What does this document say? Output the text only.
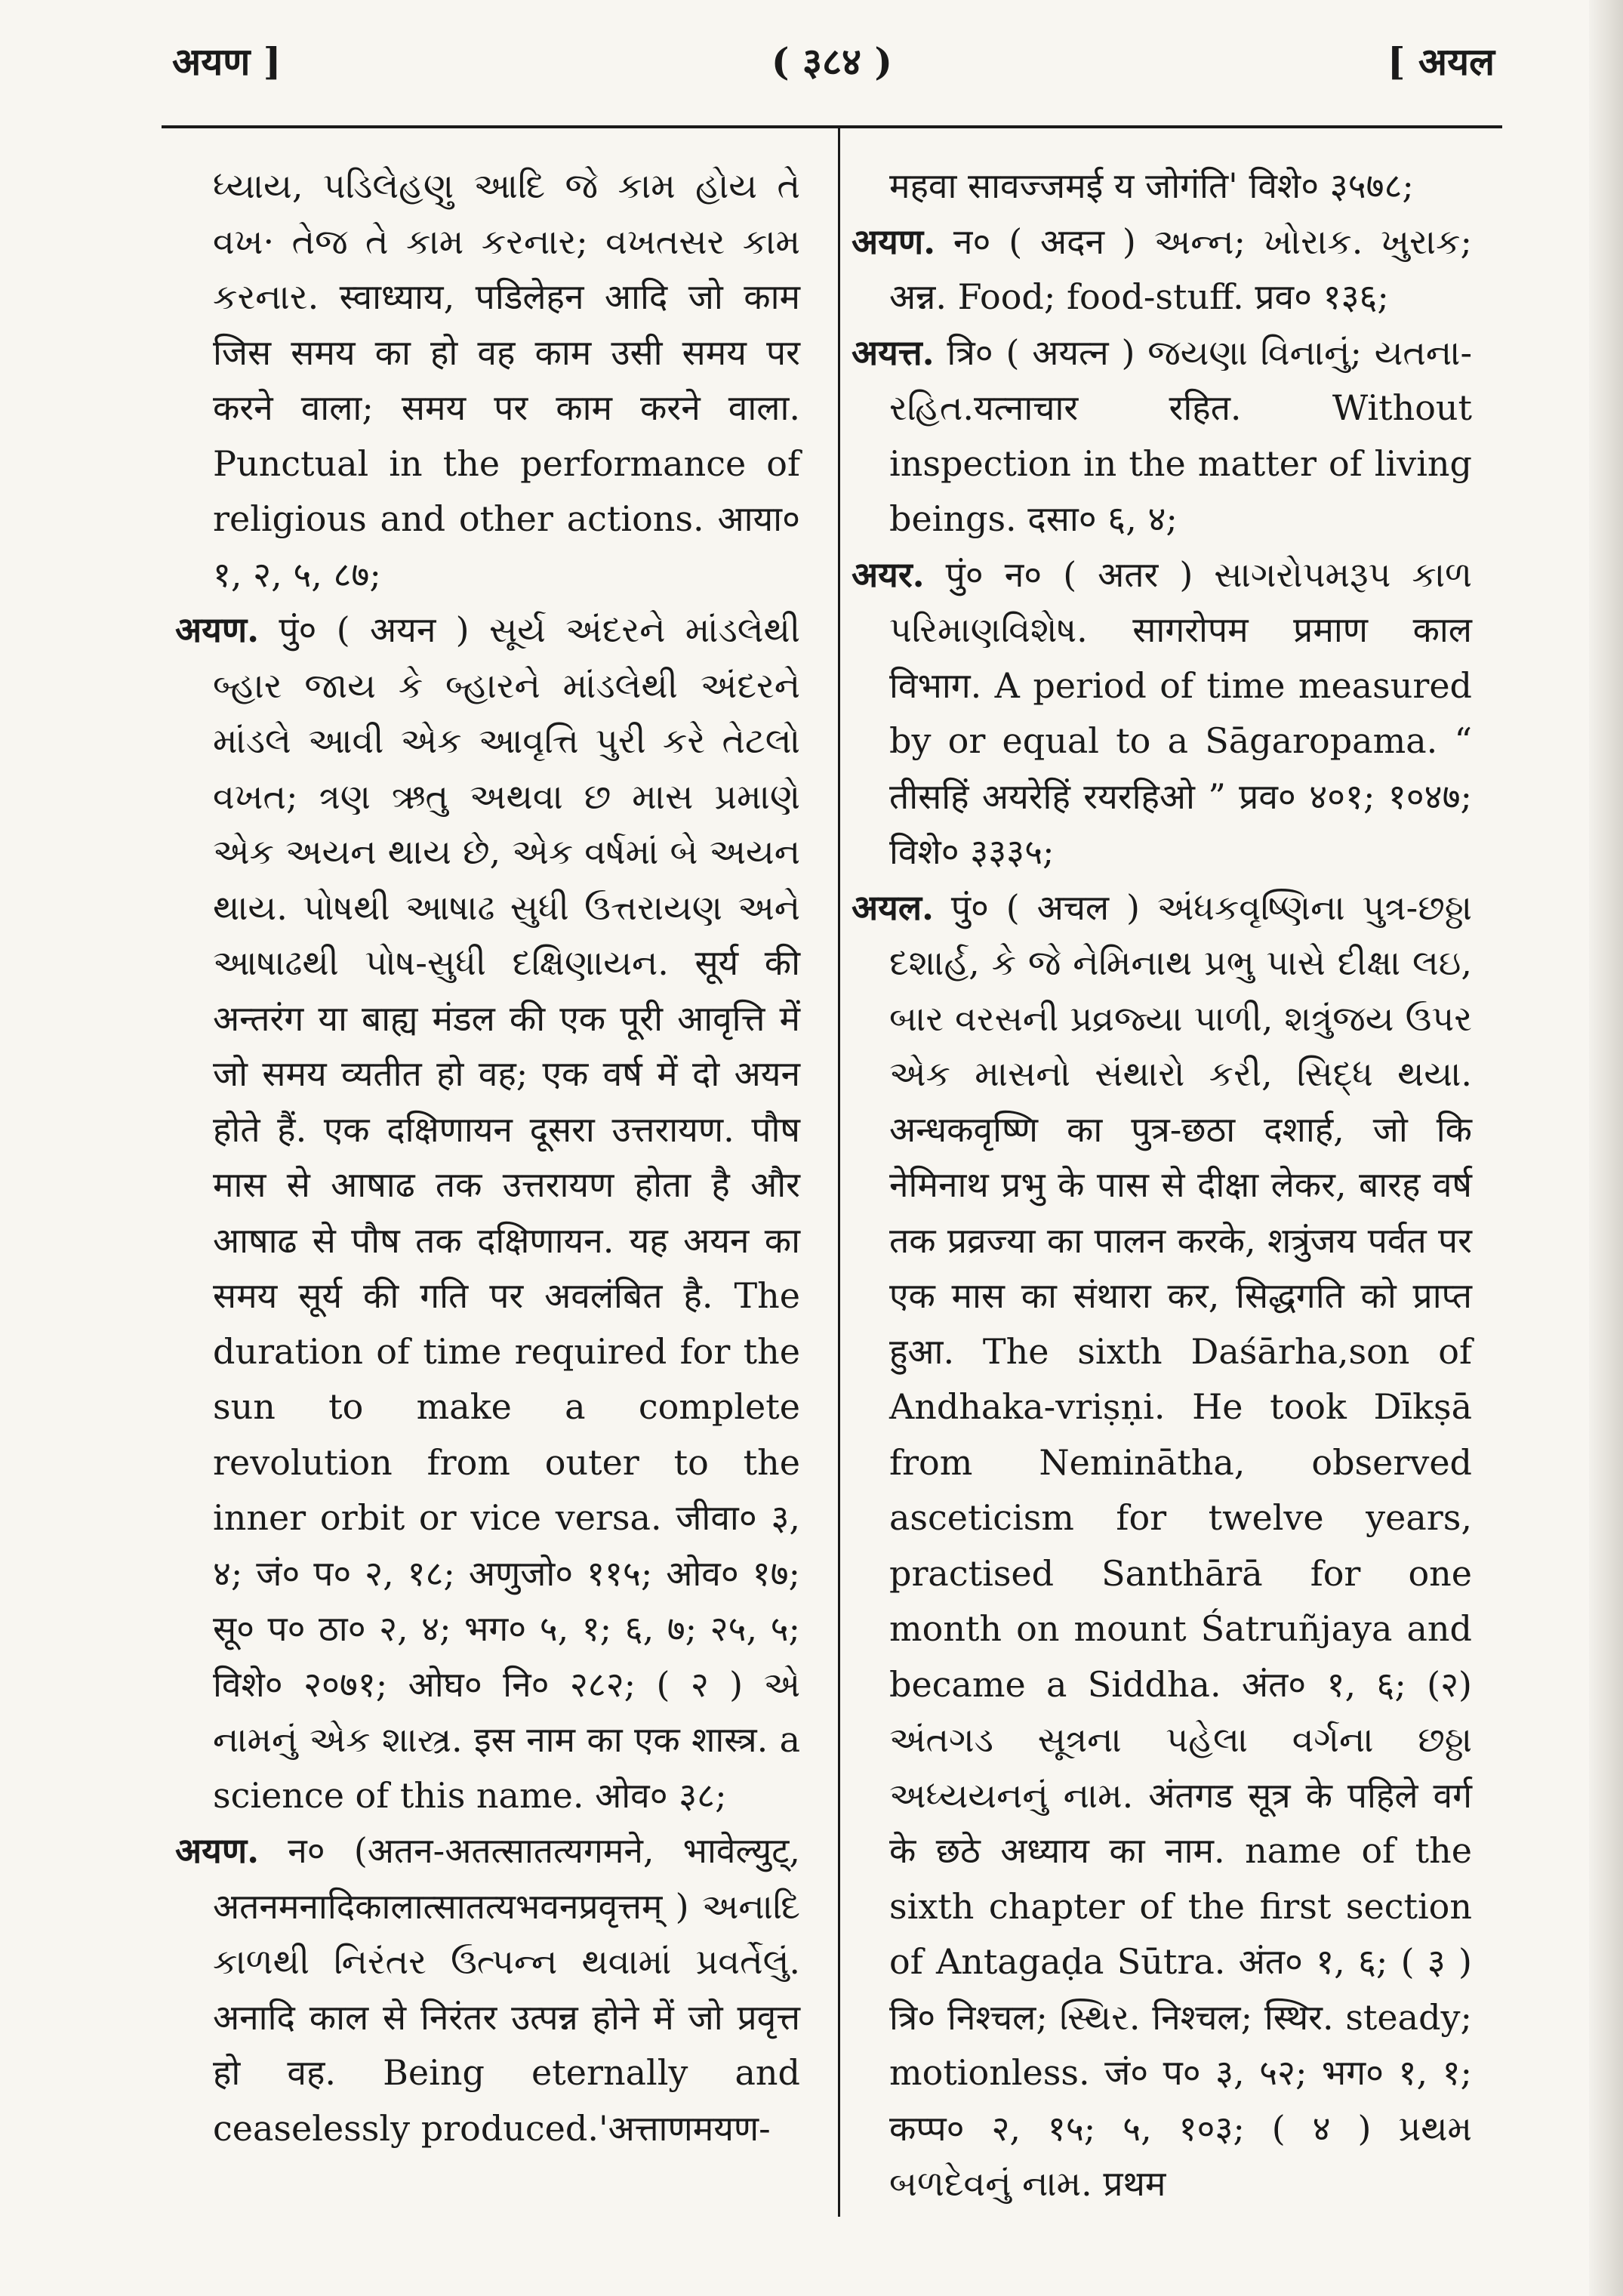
अयण ]	( ३८४ )	[ अयल

ધ્યાય, પડિલેહણુ આદિ જે કામ હોય તે વખ· તેજ તે કામ કરનાર; વખતસર કામ કરનાર. स्वाध्याय, पडिलेहन आदि जो काम जिस समय का हो वह काम उसी समय पर करने वाला; समय पर काम करने वाला. Punctual in the performance of religious and other actions. आया० १, २, ५, ८७;

अयण. पुं० ( अयन ) સૂર્ય અંદરને માંડલેથી બ્હાર જાય કે બ્હારને માંડલેથી અંદરને માંડલે આવી એક આવૃત્તિ પુરી કરે તેટલો વખત; ત્રણ ઋતુ અથવા છ માસ પ્રમાણે એક અયન થાય છે, એક વર્ષમાં બે અયન થાય. પોષથી આષાઢ સુધી ઉત્તરાયણ અને આષાઢથી પોષ-સુધી દક્ષિણાયન. सूर्य की अन्तरंग या बाह्य मंडल की एक पूरी आवृत्ति में जो समय व्यतीत हो वह; एक वर्ष में दो अयन होते हैं. एक दक्षिणायन दूसरा उत्तरायण. पौष मास से आषाढ तक उत्तरायण होता है और आषाढ से पौष तक दक्षिणायन. यह अयन का समय सूर्य की गति पर अवलंबित है. The duration of time required for the sun to make a complete revolution from outer to the inner orbit or vice versa. जीवा० ३, ४; जं० प० २, १८; अणुजो० ११५; ओव० १७; सू० प० ठा० २, ४; भग० ५, १; ६, ७; २५, ५; विशे० २०७१; ओघ० नि० २८२; ( २ ) એ નામનું એક શાસ્ત્ર. इस नाम का एक शास्त्र. a science of this name. ओव० ३८;

अयण. न० (अतन-अतत्सातत्यगमने, भावेल्युट्, अतनमनादिकालात्सातत्यभवनप्रवृत्तम् ) અનાદિ કાળથી નિરંતર ઉત્પન્ન થવામાં પ્રવર્તેલું. अनादि काल से निरंतर उत्पन्न होने में जो प्रवृत्त हो वह. Being eternally and ceaselessly produced.'अत्ताणमयण-

महवा सावज्जमई य जोगंति' विशे० ३५७८;

अयण. न० ( अदन ) અન્ન; ખોરાક. ખુરાક; अन्न. Food; food-stuff. प्रव० १३६;

अयत्त. त्रि० ( अयत्न ) જયણા વિનાનું; યતના-રહિત.यत्नाचार रहित. Without inspection in the matter of living beings. दसा० ६, ४;

अयर. पुं० न० ( अतर ) સાગરોપમરૂપ કાળ પરિમાણવિશેષ. सागरोपम प्रमाण काल विभाग. A period of time measured by or equal to a Sāgaropama. “ तीसहिं अयरेहिं रयरहिओ ” प्रव० ४०१; १०४७; विशे० ३३३५;

अयल. पुं० ( अचल ) અંધકવૃષ્ણિના પુત્ર-છઠ્ઠા દશાર્હ, કે જે નેમિનાથ પ્રભુ પાસે દીક્ષા લઇ, બાર વરસની પ્રવ્રજ્યા પાળી, શત્રુંજય ઉપર એક માસનો સંથારો કરી, સિદ્ધ થયા. अन्धकवृष्णि का पुत्र-छठा दशार्ह, जो कि नेमिनाथ प्रभु के पास से दीक्षा लेकर, बारह वर्ष तक प्रव्रज्या का पालन करके, शत्रुंजय पर्वत पर एक मास का संथारा कर, सिद्धगति को प्राप्त हुआ. The sixth Daśārha,son of Andhaka-vriṣṇi. He took Dīkṣā from Neminātha, observed asceticism for twelve years, practised Santhārā for one month on mount Śatruñjaya and became a Siddha. अंत० १, ६; (२) અંતગડ સૂત્રના પહેલા વર્ગના છઠ્ઠા અધ્યયનનું નામ. अंतगड सूत्र के पहिले वर्ग के छठे अध्याय का नाम. name of the sixth chapter of the first section of Antagaḍa Sūtra. अंत० १, ६; ( ३ ) त्रि० निश्चल; સ્થિર. निश्चल; स्थिर. steady; motionless. जं० प० ३, ५२; भग० १, १; कप्प० २, १५; ५, १०३; ( ४ ) પ્રથમ બળદેવનું નામ. प्रथम
